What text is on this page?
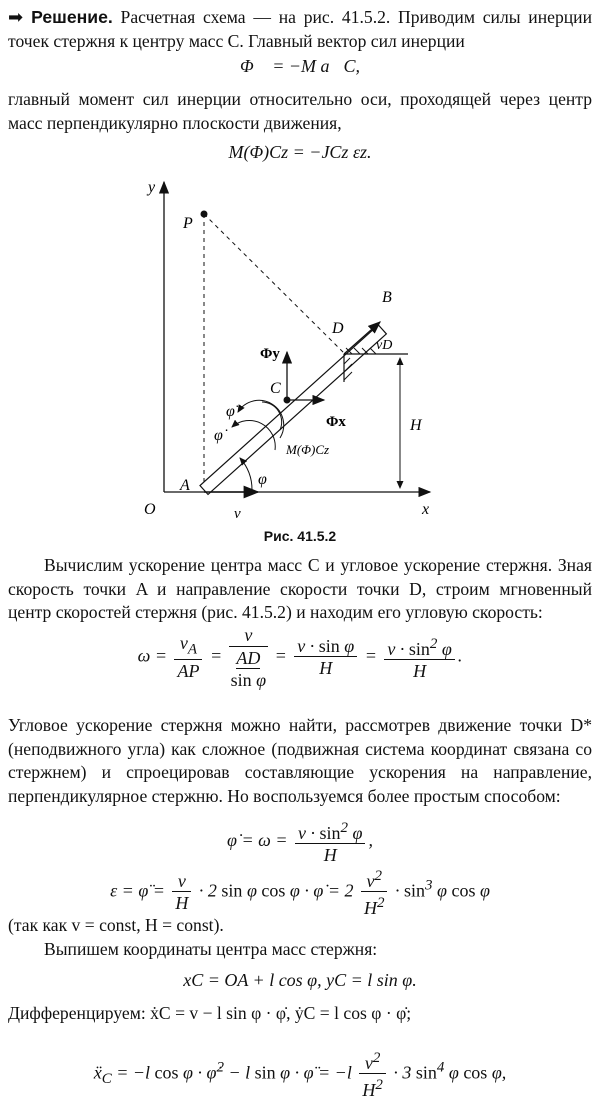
➡ Решение. Расчетная схема — на рис. 41.5.2. Приводим силы инерции точек стержня к центру масс C. Главный вектор сил инерции

Φ⃗ = −M a⃗C,

главный момент сил инерции относительно оси, проходящей через центр масс перпендикулярно плоскости движения,

M(Φ)Cz = −JCz εz.
y
x
O
P
A
B
D
C
H
φ
φ̇
φ̈
v
vD
Φy
Φx
M(Φ)Cz
Рис. 41.5.2

Вычислим ускорение центра масс C и угловое ускорение стержня. Зная скорость точки A и направление скорости точки D, строим мгновенный центр скоростей стержня (рис. 41.5.2) и находим его угловую скорость:

$\omega = \frac{v_A}{AP}$ =
v
AD
sin φ
= $\frac{\text{v · sin φ}}{H} = \frac{v \cdot \sin^2 \varphi}{H}$ .

Угловое ускорение стержня можно найти, рассмотрев движение точки D* (неподвижного угла) как сложное (подвижная система координат связана со стержнем) и спроецировав составляющие ускорения на направление, перпендикулярное стержню. Но воспользуемся более простым способом:

φ̇ = $\omega = \frac{v \cdot \sin^2 \varphi}{H}$ ,
ε = φ̈ = $\frac{v}{H} \cdot 2$ sin φ cos φ · φ̇ = $2 \frac{v^2}{H^2} \cdot \sin^3 \varphi$ cos φ

(так как v = const, H = const).

Выпишем координаты центра масс стержня:

xC = OA + l cos φ, yC = l sin φ.

Дифференцируем: ẋC = v − l sin φ · φ̇, ẏC = l cos φ · φ̇;

ẍ$_C$ = −l cos φ · φ̇$^2$ − l sin φ · φ̈ = $-l \frac{v^2}{H^2} \cdot 3$ $\sin^4 \varphi$ cos φ,
